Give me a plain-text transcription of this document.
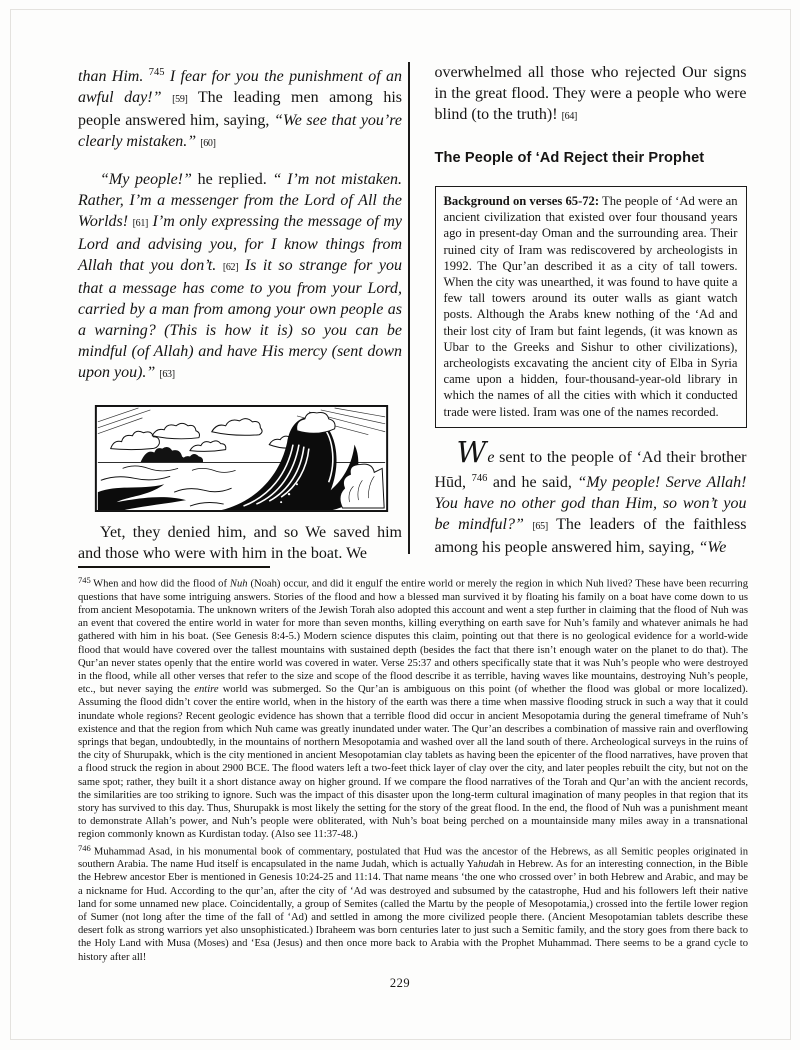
than Him. $^{745}$ I fear for you the punishment of an awful day!” [59] The leading men among his people answered him, saying, “We see that you’re clearly mistaken.” [60]

“My people!” he replied. “ I’m not mistaken. Rather, I’m a messenger from the Lord of All the Worlds! [61] I’m only expressing the message of my Lord and advising you, for I know things from Allah that you don’t. [62] Is it so strange for you that a message has come to you from your Lord, carried by a man from among your own people as a warning? (This is how it is) so you can be mindful (of Allah) and have His mercy (sent down upon you).” [63]

Yet, they denied him, and so We saved him and those who were with him in the boat. We

overwhelmed all those who rejected Our signs in the great flood. They were a people who were blind (to the truth)! [64]

The People of ‘Ad Reject their Prophet

Background on verses 65-72: The people of ‘Ad were an ancient civilization that existed over four thousand years ago in present-day Oman and the surrounding area. Their ruined city of Iram was rediscovered by archeologists in 1992. The Qur’an described it as a city of tall towers. When the city was unearthed, it was found to have quite a few tall towers around its outer walls as giant watch posts. Although the Arabs knew nothing of the ‘Ad and their lost city of Iram but faint legends, (it was known as Ubar to the Greeks and Sishur to other civilizations), archeologists excavating the ancient city of Elba in Syria came upon a hidden, four-thousand-year-old library in which the names of all the cities with which it conducted trade were listed. Iram was one of the names recorded.

We sent to the people of ‘Ad their brother Hūd, $^{746}$ and he said, “My people! Serve Allah! You have no other god than Him, so won’t you be mindful?” [65] The leaders of the faithless among his people answered him, saying, “We

$^{745}$ When and how did the flood of Nuh (Noah) occur, and did it engulf the entire world or merely the region in which Nuh lived? These have been recurring questions that have some intriguing answers. Stories of the flood and how a blessed man survived it by floating his family on a boat have come down to us from ancient Mesopotamia. The unknown writers of the Jewish Torah also adopted this account and went a step further in claiming that the flood of Nuh was an event that covered the entire world in water for more than seven months, killing everything on earth save for Nuh’s family and whatever animals he had gathered with him in his boat. (See Genesis 8:4-5.) Modern science disputes this claim, pointing out that there is no geological evidence for a world-wide flood that would have covered over the tallest mountains with sustained depth (besides the fact that there isn’t enough water on the planet to do that). The Qur’an never states openly that the entire world was covered in water. Verse 25:37 and others specifically state that it was Nuh’s people who were destroyed in the flood, while all other verses that refer to the size and scope of the flood describe it as terrible, having waves like mountains, destroying Nuh’s people, etc., but never saying the entire world was submerged. So the Qur’an is ambiguous on this point (of whether the flood was global or more localized). Assuming the flood didn’t cover the entire world, when in the history of the earth was there a time when massive flooding struck in such a way that it could inundate whole regions? Recent geologic evidence has shown that a terrible flood did occur in ancient Mesopotamia during the general timeframe of Nuh’s existence and that the region from which Nuh came was greatly inundated under water. The Qur’an describes a combination of massive rain and overflowing springs that began, undoubtedly, in the mountains of northern Mesopotamia and washed over all the land south of there. Archeological surveys in the ruins of the city of Shurupakk, which is the city mentioned in ancient Mesopotamian clay tablets as having been the epicenter of the flood narratives, have proven that a flood struck the region in about 2900 BCE. The flood waters left a two-feet thick layer of clay over the city, and later peoples rebuilt the city, but not on the same spot; rather, they built it a short distance away on higher ground. If we compare the flood narratives of the Torah and Qur’an with the ancient records, the similarities are too striking to ignore. Such was the impact of this disaster upon the long-term cultural imagination of many peoples in that region that its story has survived to this day. Thus, Shurupakk is most likely the setting for the story of the great flood. In the end, the flood of Nuh was a punishment meant to demonstrate Allah’s power, and Nuh’s people were obliterated, with Nuh’s boat being perched on a mountainside many miles away in a transnational region commonly known as Kurdistan today. (Also see 11:37-48.)

$^{746}$ Muhammad Asad, in his monumental book of commentary, postulated that Hud was the ancestor of the Hebrews, as all Semitic peoples originated in southern Arabia. The name Hud itself is encapsulated in the name Judah, which is actually Yahudah in Hebrew. As for an interesting connection, in the Bible the Hebrew ancestor Eber is mentioned in Genesis 10:24-25 and 11:14. That name means ‘the one who crossed over’ in both Hebrew and Arabic, and may be a nickname for Hud. According to the qur’an, after the city of ‘Ad was destroyed and subsumed by the catastrophe, Hud and his followers left their native land for some unnamed new place. Coincidentally, a group of Semites (called the Martu by the people of Mesopotamia,) crossed into the fertile lower region of Sumer (not long after the time of the fall of ‘Ad) and settled in among the more civilized people there. (Ancient Mesopotamian tablets describe these desert folk as strong warriors yet also unsophisticated.) Ibraheem was born centuries later to just such a Semitic family, and the story goes from there back to the Holy Land with Musa (Moses) and ‘Esa (Jesus) and then once more back to Arabia with the Prophet Muhammad. There seems to be a grand cycle to history after all!

229
